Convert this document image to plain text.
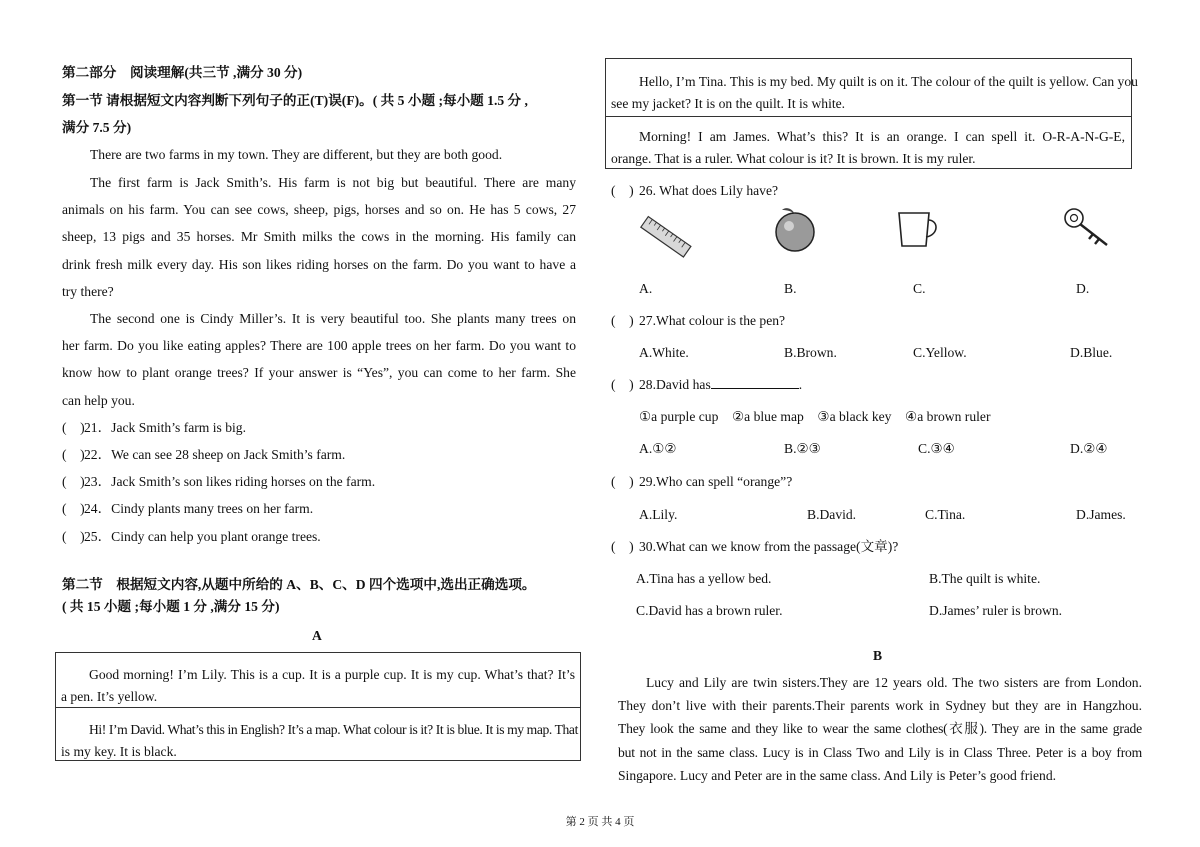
第二部分　阅读理解(共三节 ,满分 30 分)
第一节 请根据短文内容判断下列句子的正(T)误(F)。( 共 5 小题 ;每小题 1.5 分 ,
满分 7.5 分)
There are two farms in my town. They are different, but they are both good.
The first farm is Jack Smith’s. His farm is not big but beautiful. There are many
animals on his farm. You can see cows, sheep, pigs, horses and so on. He has 5 cows, 27
sheep, 13 pigs and 35 horses. Mr Smith milks the cows in the morning. His family can
drink fresh milk every day. His son likes riding horses on the farm. Do you want to have a
try there?
The second one is Cindy Miller’s. It is very beautiful too. She plants many trees on
her farm. Do you like eating apples? There are 100 apple trees on her farm. Do you want to
know how to plant orange trees? If your answer is “Yes”, you can come to her farm. She
can help you.
(　)21．Jack Smith’s farm is big.
(　)22．We can see 28 sheep on Jack Smith’s farm.
(　)23．Jack Smith’s son likes riding horses on the farm.
(　)24．Cindy plants many trees on her farm.
(　)25．Cindy can help you plant orange trees.
第二节　根据短文内容,从题中所给的 A、B、C、D 四个选项中,选出正确选项。
( 共 15 小题 ;每小题 1 分 ,满分 15 分)
A
Good morning! I’m Lily. This is a cup. It is a purple cup. It is my cup. What’s that? It’s
a pen. It’s yellow.
Hi! I’m David. What’s this in English? It’s a map. What colour is it? It is blue. It is my map. That
is my key. It is black.
Hello, I’m Tina. This is my bed. My quilt is on it. The colour of the quilt is yellow. Can you
see my jacket? It is on the quilt. It is white.
Morning! I am James. What’s this? It is an orange. I can spell it. O-R-A-N-G-E,
orange. That is a ruler. What colour is it? It is brown. It is my ruler.
(　) 26. What does Lily have?
A.	B.	C.	D.
(　) 27.What colour is the pen?
A.White.	B.Brown.	C.Yellow.	D.Blue.
(　) 28.David has	.
①a purple cup　②a blue map　③a black key　④a brown ruler
A.①②	B.②③	C.③④	D.②④
(　) 29.Who can spell “orange”?
A.Lily.	B.David.	C.Tina.	D.James.
(　) 30.What can we know from the passage(文章)?
A.Tina has a yellow bed.	B.The quilt is white.
C.David has a brown ruler.	D.James’ ruler is brown.
B
Lucy and Lily are twin sisters.They are 12 years old. The two sisters are from London.
They don’t live with their parents.Their parents work in Sydney but they are in Hangzhou.
They look the same and they like to wear the same clothes(衣服). They are in the same grade
but not in the same class. Lucy is in Class Two and Lily is in Class Three. Peter is a boy from
Singapore. Lucy and Peter are in the same class. And Lily is Peter’s good friend.
第 2 页 共 4 页
